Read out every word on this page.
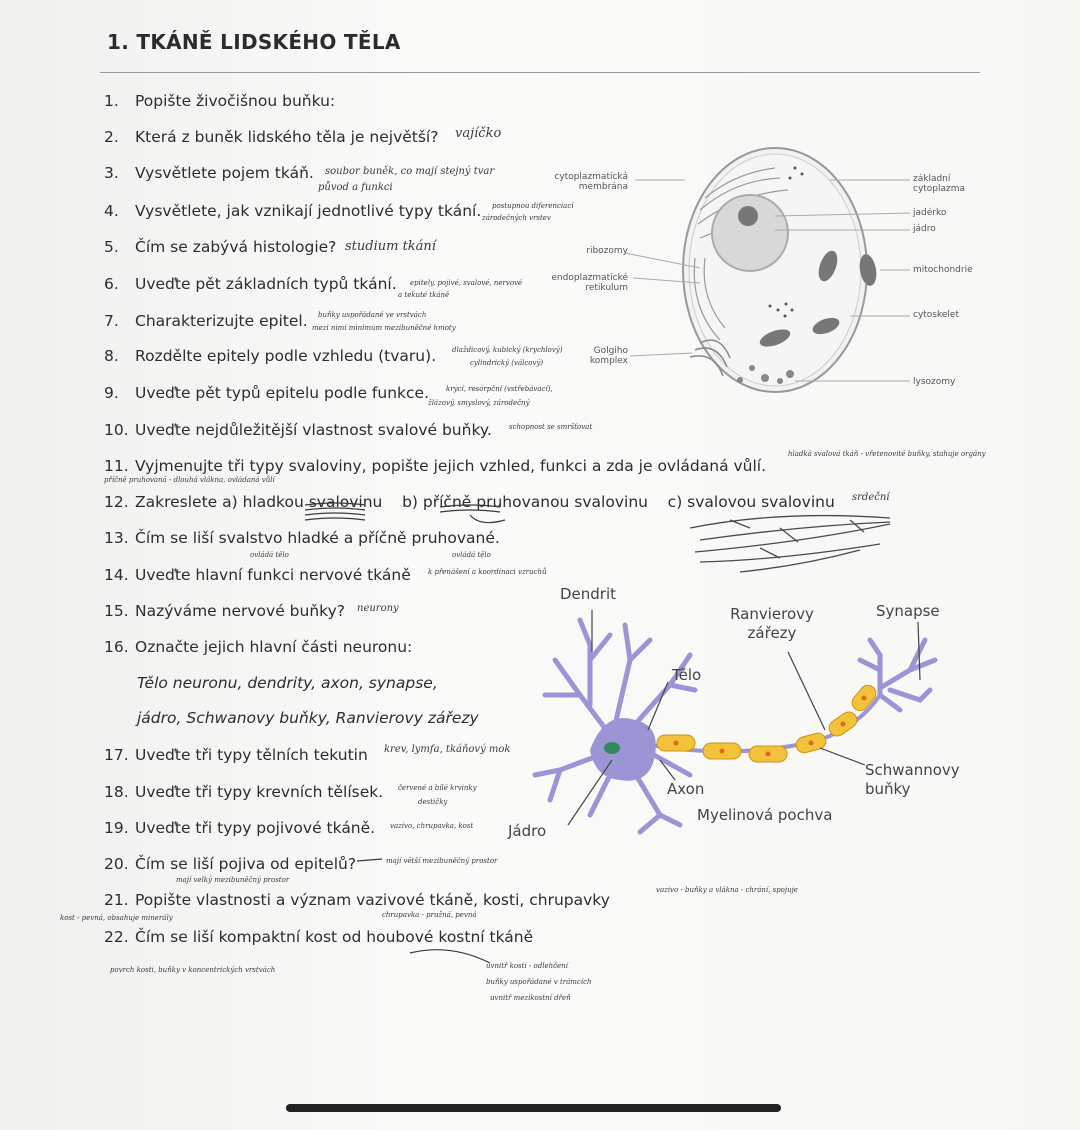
1. TKÁNĚ LIDSKÉHO TĚLA
1. Popište živočišnou buňku:
2. Která z buněk lidského těla je největší?
3. Vysvětlete pojem tkáň.
4. Vysvětlete, jak vznikají jednotlivé typy tkání.
5. Čím se zabývá histologie?
6. Uveďte pět základních typů tkání.
7. Charakterizujte epitel.
8. Rozdělte epitely podle vzhledu (tvaru).
9. Uveďte pět typů epitelu podle funkce.
10. Uveďte nejdůležitější vlastnost svalové buňky.
11. Vyjmenujte tři typy svaloviny, popište jejich vzhled, funkci a zda je ovládaná vůlí.
12. Zakreslete a) hladkou svalovinu    b) příčně pruhovanou svalovinu    c) svalovou svalovinu
13. Čím se liší svalstvo hladké a příčně pruhované.
14. Uveďte hlavní funkci nervové tkáně
15. Nazýváme nervové buňky?
16. Označte jejich hlavní části neuronu:
Tělo neuronu, dendrity, axon, synapse,
jádro, Schwanovy buňky, Ranvierovy zářezy
17. Uveďte tři typy tělních tekutin
18. Uveďte tři typy krevních tělísek.
19. Uveďte tři typy pojivové tkáně.
20. Čím se liší pojiva od epitelů?
21. Popište vlastnosti a význam vazivové tkáně, kosti, chrupavky
22. Čím se liší kompaktní kost od houbové kostní tkáně
vajíčko
soubor buněk, co mají stejný tvar
původ a funkci
postupnou diferenciací
zárodečných vrstev
studium tkání
epitely, pojivé, svalové, nervové
a tekuté tkáně
buňky uspořádané ve vrstvách
mezi nimi minimum mezibuněčné hmoty
dlaždicový, kubický (krychlový)
cylindrický (válcový)
krycí, resorpční (vstřebávací),
žlázový, smyslový, zárodečný
schopnost se smršťovat
hladká svalová tkáň - vřetenovité buňky, stahuje orgány
příčně pruhovaná - dlouhá vlákna, ovládaná vůlí
srdeční
ovládá tělo	ovládá tělo
k přenášení a koordinaci vzruchů
neurony
krev, lymfa, tkáňový mok
červené a bílé krvinky
destičky
vazivo, chrupavka, kost
mají větší mezibuněčný prostor
mají velký mezibuněčný prostor
vazivo - buňky a vlákna - chrání, spojuje
chrupavka - pružná, pevná
kost - pevná, obsahuje minerály
povrch kosti, buňky v koncentrických vrstvách	uvnitř kosti - odlehčení
buňky uspořádané v trámcích
uvnitř mezikostní dřeň
cytoplazmatická membrána
ribozomy
endoplazmatické retikulum
Golgiho komplex
základní cytoplazma
jadérko
jádro
mitochondrie
cytoskelet
lysozomy
Dendrit
Ranvierovy zářezy
Synapse
Tělo
Axon
Jádro
Myelinová pochva
Schwannovy buňky
